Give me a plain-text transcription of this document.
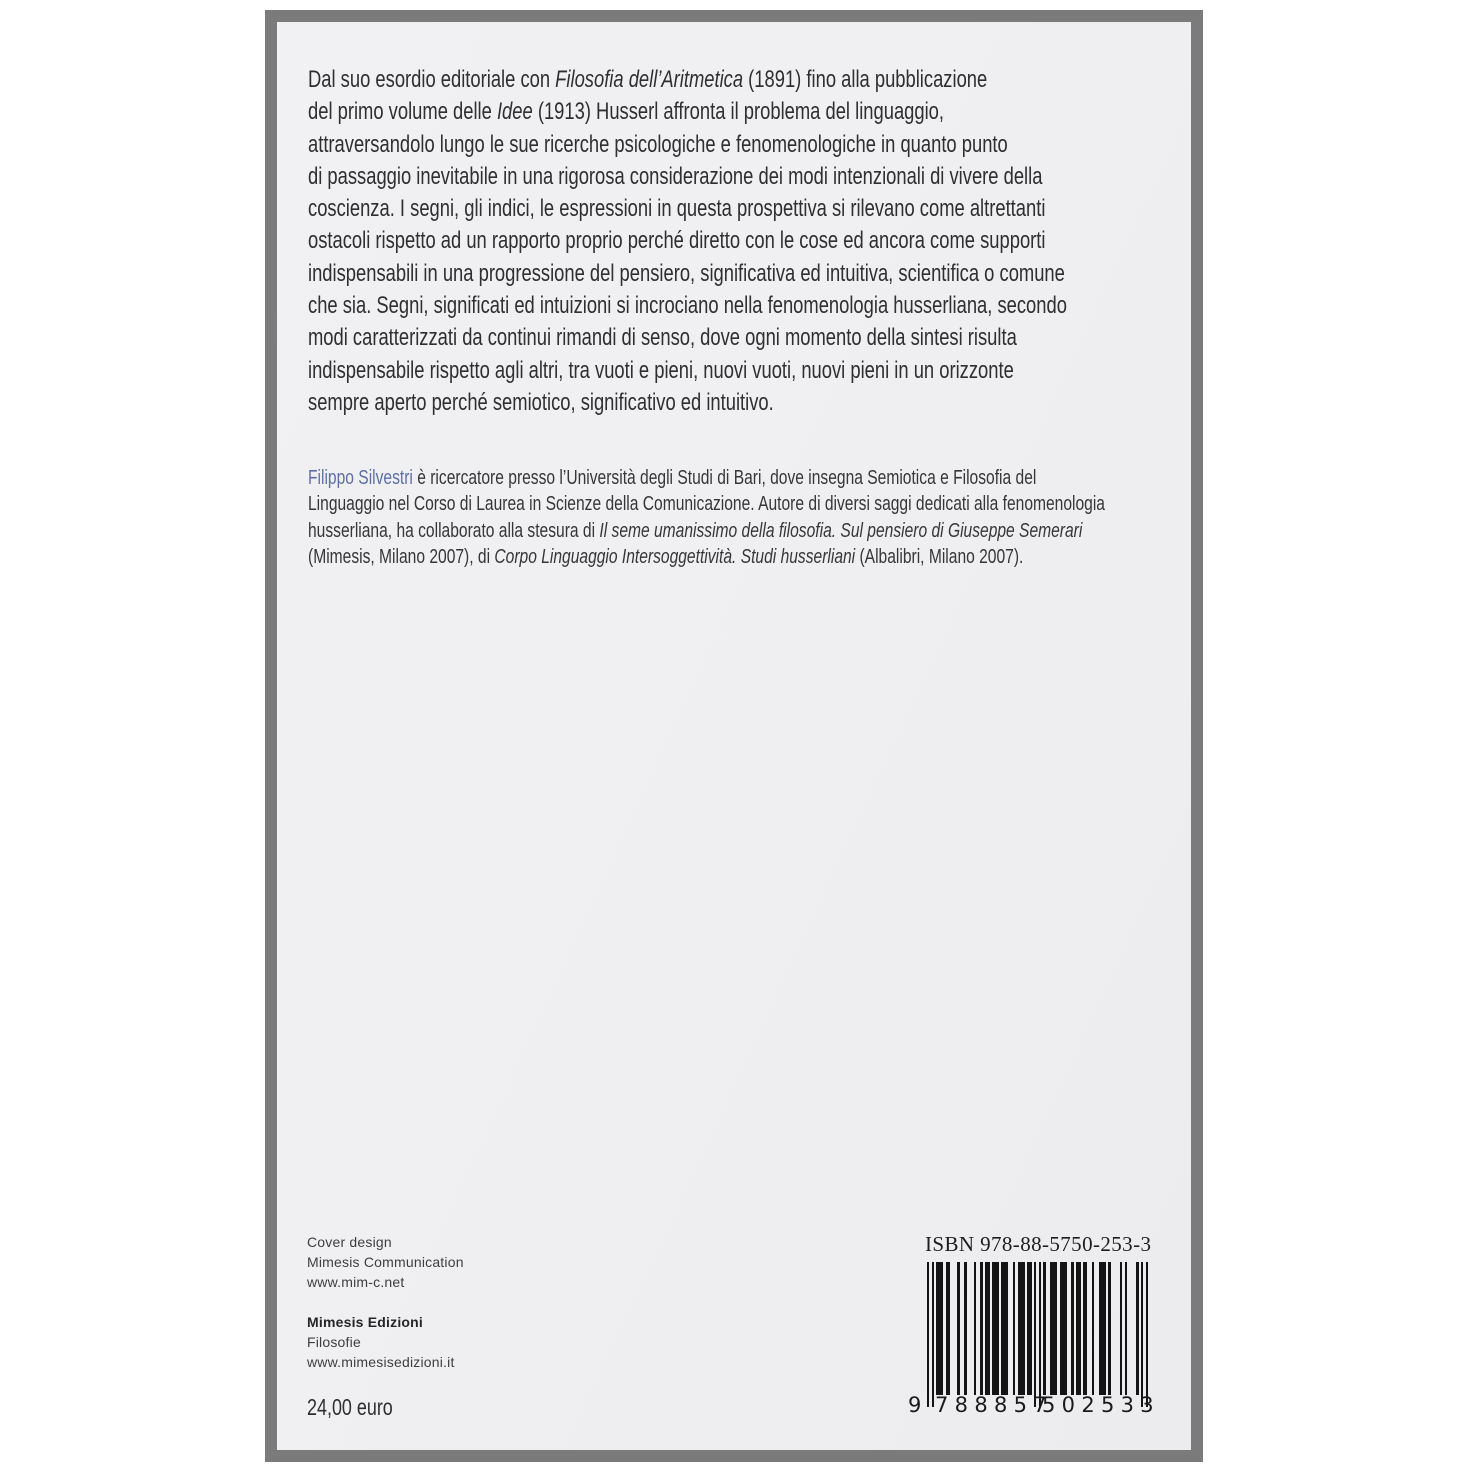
Dal suo esordio editoriale con Filosofia dell’Aritmetica (1891) fino alla pubblicazione
del primo volume delle Idee (1913) Husserl affronta il problema del linguaggio,
attraversandolo lungo le sue ricerche psicologiche e fenomenologiche in quanto punto
di passaggio inevitabile in una rigorosa considerazione dei modi intenzionali di vivere della
coscienza. I segni, gli indici, le espressioni in questa prospettiva si rilevano come altrettanti
ostacoli rispetto ad un rapporto proprio perché diretto con le cose ed ancora come supporti
indispensabili in una progressione del pensiero, significativa ed intuitiva, scientifica o comune
che sia. Segni, significati ed intuizioni si incrociano nella fenomenologia husserliana, secondo
modi caratterizzati da continui rimandi di senso, dove ogni momento della sintesi risulta
indispensabile rispetto agli altri, tra vuoti e pieni, nuovi vuoti, nuovi pieni in un orizzonte
sempre aperto perché semiotico, significativo ed intuitivo.
Filippo Silvestri è ricercatore presso l’Università degli Studi di Bari, dove insegna Semiotica e Filosofia del
Linguaggio nel Corso di Laurea in Scienze della Comunicazione. Autore di diversi saggi dedicati alla fenomenologia
husserliana, ha collaborato alla stesura di Il seme umanissimo della filosofia. Sul pensiero di Giuseppe Semerari
(Mimesis, Milano 2007), di Corpo Linguaggio Intersoggettività. Studi husserliani (Albalibri, Milano 2007).
Cover design
Mimesis Communication
www.mim-c.net
Mimesis Edizioni
Filosofie
www.mimesisedizioni.it
24,00 euro
ISBN 978-88-5750-253-3
9 788857
502533
